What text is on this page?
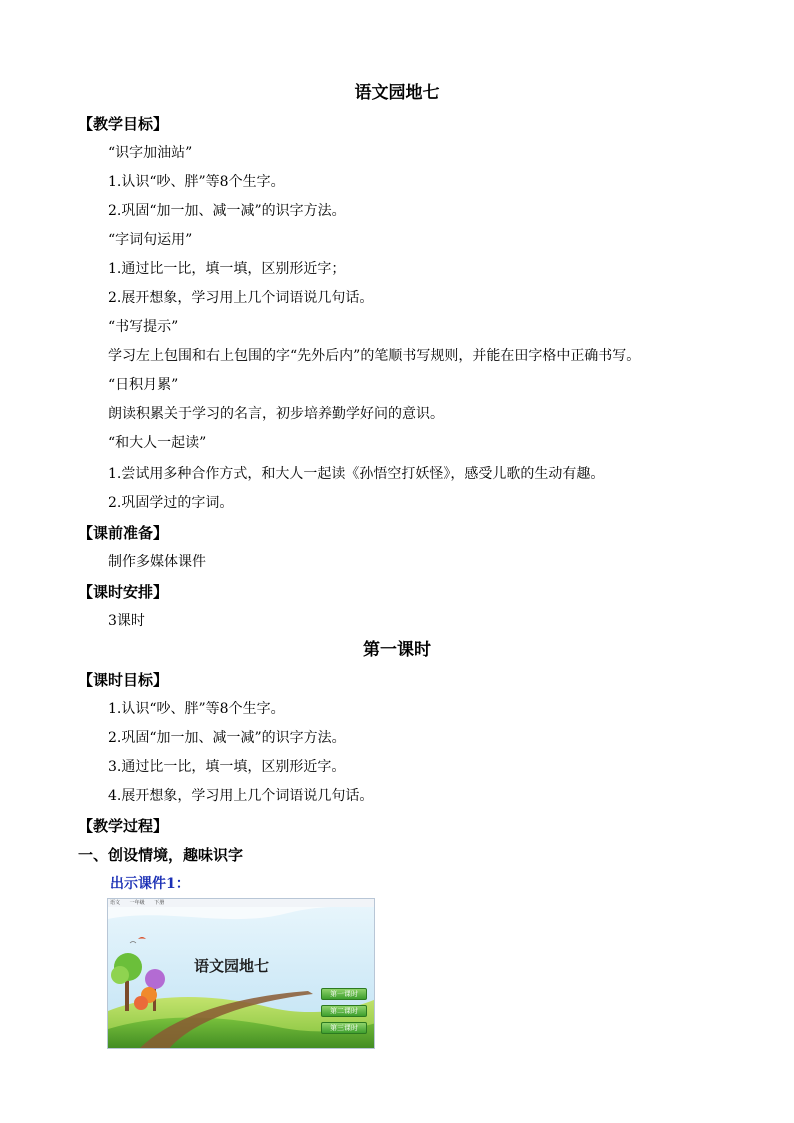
语文园地七
【教学目标】
“识字加油站”
1.认识“吵、胖”等8个生字。
2.巩固“加一加、减一减”的识字方法。
“字词句运用”
1.通过比一比，填一填，区别形近字；
2.展开想象，学习用上几个词语说几句话。
“书写提示”
学习左上包围和右上包围的字“先外后内”的笔顺书写规则，并能在田字格中正确书写。
“日积月累”
朗读积累关于学习的名言，初步培养勤学好问的意识。
“和大人一起读”
1.尝试用多种合作方式，和大人一起读《孙悟空打妖怪》，感受儿歌的生动有趣。
2.巩固学过的字词。
【课前准备】
制作多媒体课件
【课时安排】
3课时
第一课时
【课时目标】
1.认识“吵、胖”等8个生字。
2.巩固“加一加、减一减”的识字方法。
3.通过比一比，填一填，区别形近字。
4.展开想象，学习用上几个词语说几句话。
【教学过程】
一、创设情境，趣味识字
出示课件1：
语文 一年级 下册
语文园地七
第一课时
第二课时
第三课时
